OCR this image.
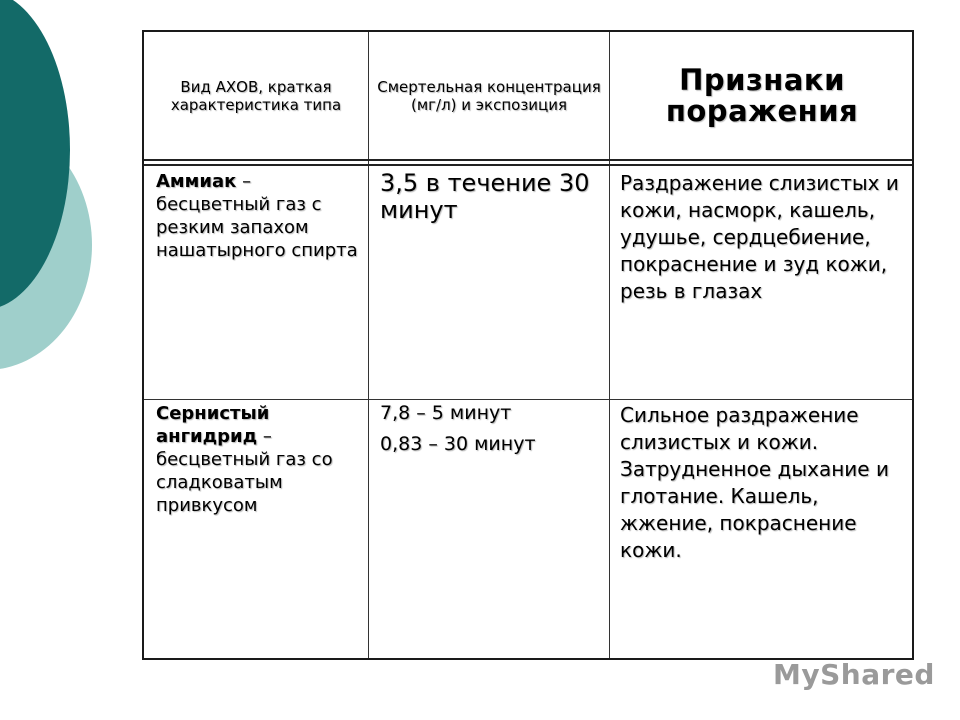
Вид АХОВ, краткая характеристика типа
Смертельная концентрация (мг/л) и экспозиция
Признаки поражения
Аммиак – бесцветный газ с резким запахом нашатырного спирта
3,5 в течение 30 минут
Раздражение слизистых и кожи, насморк, кашель, удушье, сердцебиение, покраснение и зуд кожи, резь в глазах
Сернистый ангидрид – бесцветный газ со сладковатым привкусом
7,8 – 5 минут
0,83 – 30 минут
Сильное раздражение слизистых и кожи. Затрудненное дыхание и глотание. Кашель, жжение, покраснение кожи.
MyShared
